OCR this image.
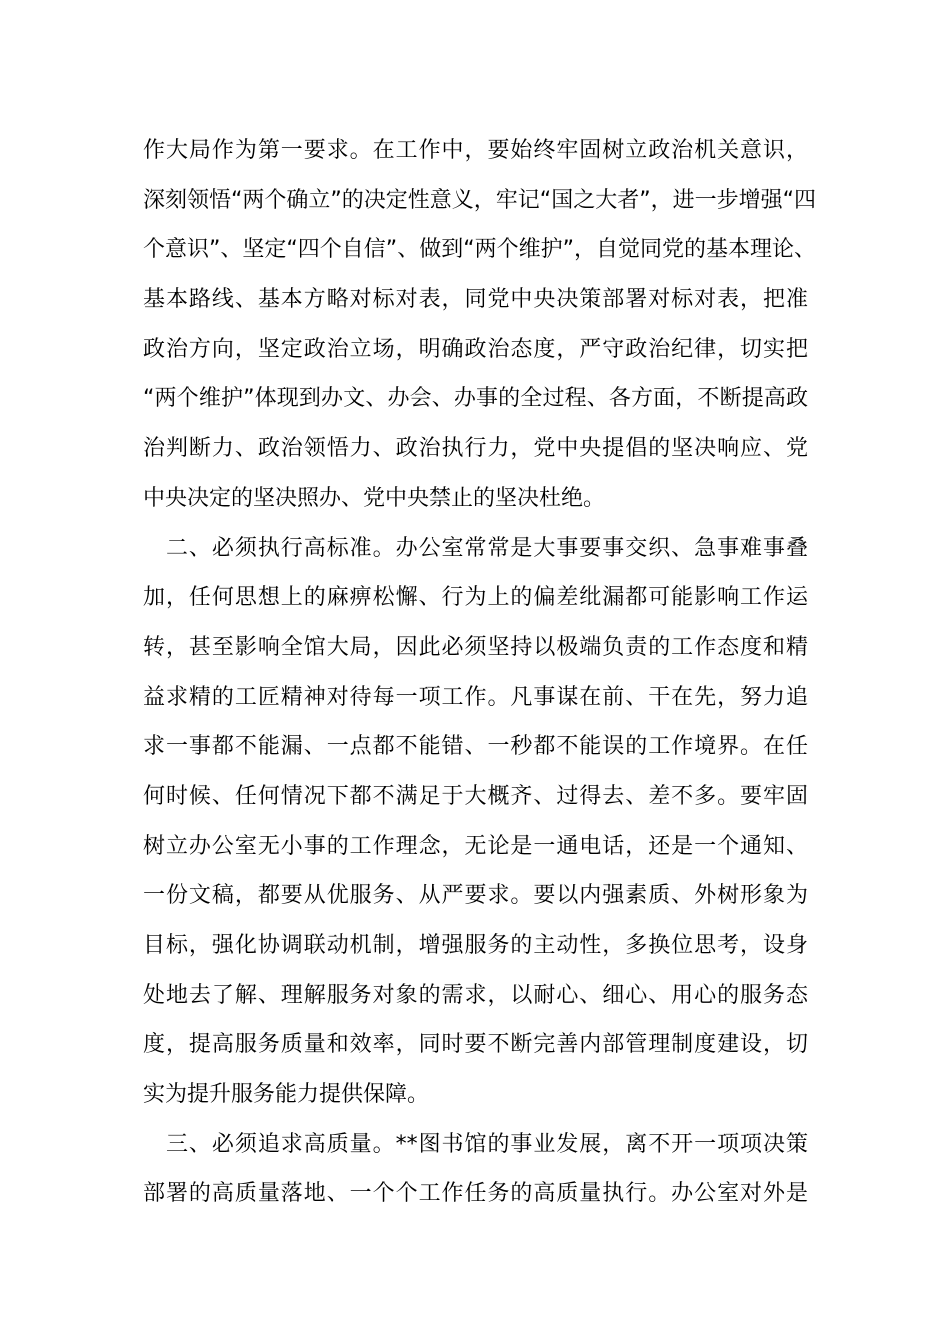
作大局作为第一要求。在工作中，要始终牢固树立政治机关意识，
深刻领悟“两个确立”的决定性意义，牢记“国之大者”，进一步增强“四
个意识”、坚定“四个自信”、做到“两个维护”，自觉同党的基本理论、
基本路线、基本方略对标对表，同党中央决策部署对标对表，把准
政治方向，坚定政治立场，明确政治态度，严守政治纪律，切实把
“两个维护”体现到办文、办会、办事的全过程、各方面，不断提高政
治判断力、政治领悟力、政治执行力，党中央提倡的坚决响应、党
中央决定的坚决照办、党中央禁止的坚决杜绝。
　二、必须执行高标准。办公室常常是大事要事交织、急事难事叠
加，任何思想上的麻痹松懈、行为上的偏差纰漏都可能影响工作运
转，甚至影响全馆大局，因此必须坚持以极端负责的工作态度和精
益求精的工匠精神对待每一项工作。凡事谋在前、干在先，努力追
求一事都不能漏、一点都不能错、一秒都不能误的工作境界。在任
何时候、任何情况下都不满足于大概齐、过得去、差不多。要牢固
树立办公室无小事的工作理念，无论是一通电话，还是一个通知、
一份文稿，都要从优服务、从严要求。要以内强素质、外树形象为
目标，强化协调联动机制，增强服务的主动性，多换位思考，设身
处地去了解、理解服务对象的需求，以耐心、细心、用心的服务态
度，提高服务质量和效率，同时要不断完善内部管理制度建设，切
实为提升服务能力提供保障。
　三、必须追求高质量。**图书馆的事业发展，离不开一项项决策
部署的高质量落地、一个个工作任务的高质量执行。办公室对外是
